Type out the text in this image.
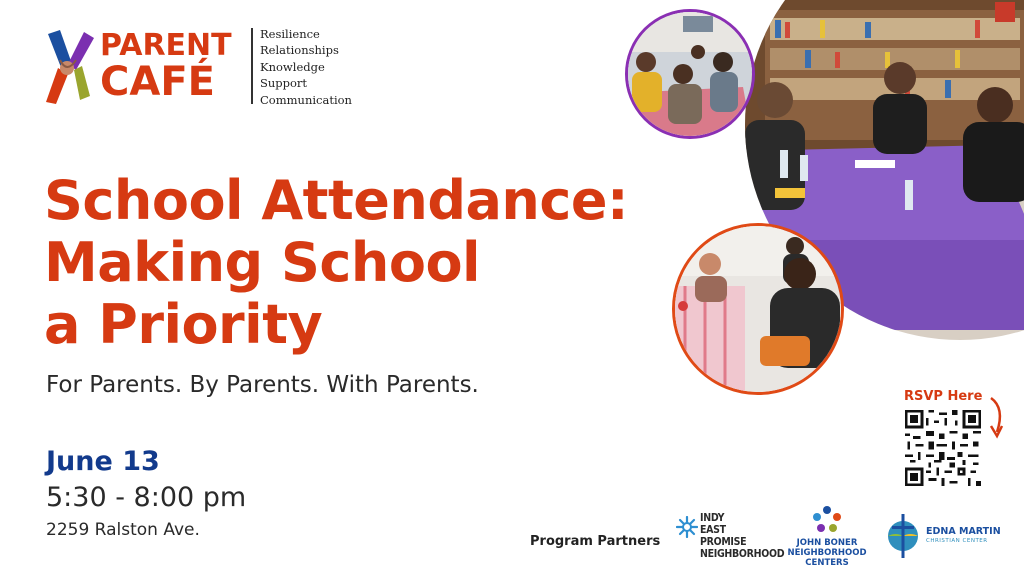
PARENT
CAFÉ
Resilience
Relationships
Knowledge
Support
Communication
School Attendance:
Making School
a Priority
For Parents. By Parents. With Parents.
June 13
5:30 - 8:00 pm
2259 Ralston Ave.
RSVP Here
Program Partners
INDY
EAST
PROMISE
NEIGHBORHOOD
JOHN BONER
NEIGHBORHOOD
CENTERS
EDNA MARTIN
CHRISTIAN CENTER
